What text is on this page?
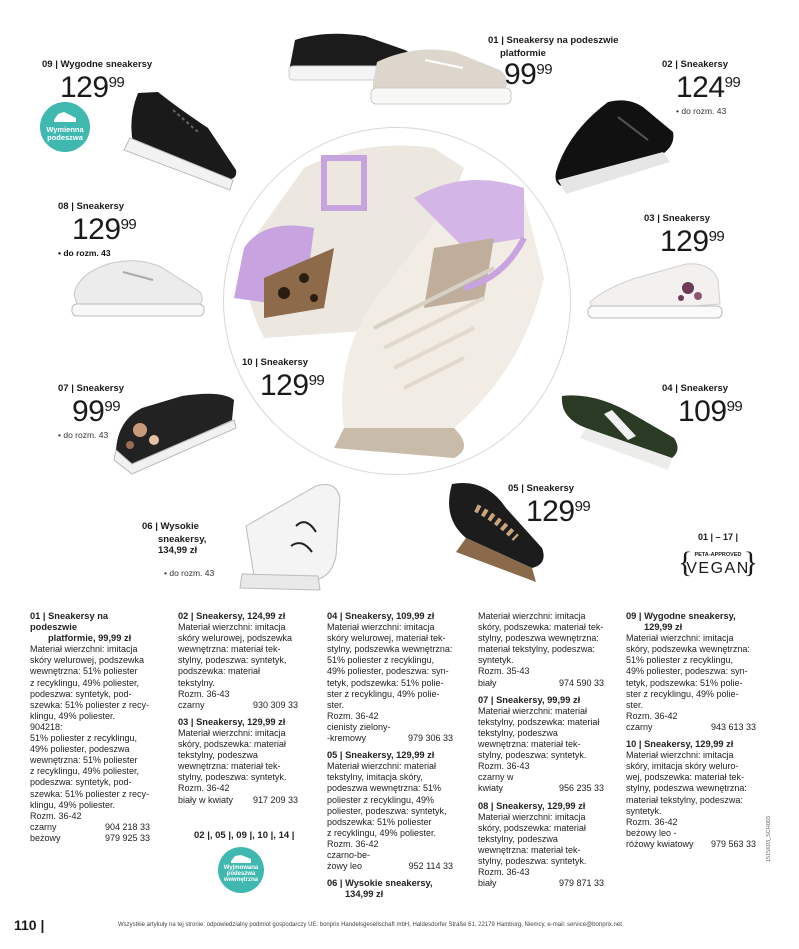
09 | Wygodne sneakersy
$129^{99}$
Wymienna
podeszwa
01 | Sneakersy na podeszwie
platformie
$99^{99}$	02 | Sneakersy
$124^{99}$
• do rozm. 43
08 | Sneakersy
$129^{99}$
• do rozm. 43
03 | Sneakersy
$129^{99}$
10 | Sneakersy
$129^{99}$
07 | Sneakersy
$99^{99}$
• do rozm. 43
04 | Sneakersy
$109^{99}$
05 | Sneakersy
$129^{99}$
06 | Wysokie
sneakersy,
134,99 zł
• do rozm. 43
01 | – 17 |
{ }
PETA-APPROVED
VEGAN
01 | Sneakersy na podeszwie
platformie, 99,99 zł
Materiał wierzchni: imitacja
skóry welurowej, podszewka
wewnętrzna: 51% poliester
z recyklingu, 49% poliester,
podeszwa: syntetyk, pod-
szewka: 51% poliester z recy-
klingu, 49% poliester. 904218:
51% poliester z recyklingu,
49% poliester, podeszwa
wewnętrzna: 51% poliester
z recyklingu, 49% poliester,
podeszwa: syntetyk, pod-
szewka: 51% poliester z recy-
klingu, 49% poliester.
Rozm. 36-42
czarny	904 218 33
beżowy	979 925 33
02 | Sneakersy, 124,99 zł
Materiał wierzchni: imitacja
skóry welurowej, podszewka
wewnętrzna: materiał tek-
stylny, podeszwa: syntetyk,
podszewka: materiał tekstylny.
Rozm. 36-43
czarny	930 309 33
03 | Sneakersy, 129,99 zł
Materiał wierzchni: imitacja
skóry, podszewka: materiał
tekstylny, podeszwa
wewnętrzna: materiał tek-
stylny, podeszwa: syntetyk.
Rozm. 36-42
biały w kwiaty 917 209 33
02 |, 05 |, 09 |, 10 |, 14 |
Wyjmowana
podeszwa
wewnętrzna
04 | Sneakersy, 109,99 zł
Materiał wierzchni: imitacja
skóry welurowej, materiał tek-
stylny, podszewka wewnętrzna:
51% poliester z recyklingu,
49% poliester, podeszwa: syn-
tetyk, podszewka: 51% polie-
ster z recyklingu, 49% polie-
ster.
Rozm. 36-42
cienisty zielony-
-kremowy	979 306 33
05 | Sneakersy, 129,99 zł
Materiał wierzchni: materiał
tekstylny, imitacja skóry,
podeszwa wewnętrzna: 51%
poliester z recyklingu, 49%
poliester, podeszwa: syntetyk,
podszewka: 51% poliester
z recyklingu, 49% poliester.
Rozm. 36-42
czarno-be-
żowy leo	952 114 33
06 | Wysokie sneakersy,
134,99 zł
Materiał wierzchni: imitacja
skóry, podszewka: materiał tek-
stylny, podeszwa wewnętrzna:
materiał tekstylny, podeszwa:
syntetyk.
Rozm. 35-43
biały	974 590 33
07 | Sneakersy, 99,99 zł
Materiał wierzchni: materiał
tekstylny, podszewka: materiał
tekstylny, podeszwa
wewnętrzna: materiał tek-
stylny, podeszwa: syntetyk.
Rozm. 36-43
czarny w
kwiaty	956 235 33
08 | Sneakersy, 129,99 zł
Materiał wierzchni: imitacja
skóry, podszewka: materiał
tekstylny, podeszwa
wewnętrzna: materiał tek-
stylny, podeszwa: syntetyk.
Rozm. 36-43
biały	979 871 33
09 | Wygodne sneakersy,
129,99 zł
Materiał wierzchni: imitacja
skóry, podszewka wewnętrzna:
51% poliester z recyklingu,
49% poliester, podeszwa: syn-
tetyk, podszewka: 51% polie-
ster z recyklingu, 49% polie-
ster.
Rozm. 36-42
czarny	943 613 33
10 | Sneakersy, 129,99 zł
Materiał wierzchni: imitacja
skóry, imitacja skóry weluro-
wej, podszewka: materiał tek-
stylny, podeszwa wewnętrzna:
materiał tekstylny, podeszwa:
syntetyk.
Rozm. 36-42
beżowy leo -
różowy kwiatowy 979 563 33
110 |	Wszystkie artykuły na tej stronie: odpowiedzialny podmiot gospodarczy UE: bonprix Handelsgesellschaft mbH, Haldesdorfer Straße 61, 22179 Hamburg, Niemcy, e-mail: service@bonprix.net
1515K03_SCH003
